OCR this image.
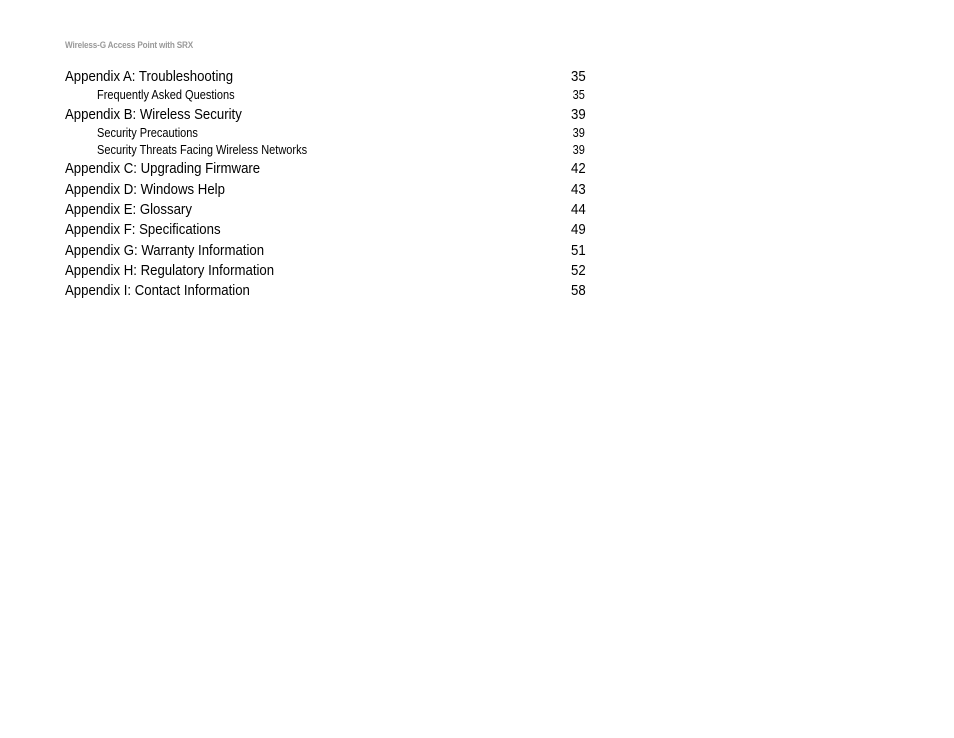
Wireless-G Access Point with SRX
Appendix A: Troubleshooting	35
Frequently Asked Questions	35
Appendix B: Wireless Security	39
Security Precautions	39
Security Threats Facing Wireless Networks	39
Appendix C: Upgrading Firmware	42
Appendix D: Windows Help	43
Appendix E: Glossary	44
Appendix F: Specifications	49
Appendix G: Warranty Information	51
Appendix H: Regulatory Information	52
Appendix I: Contact Information	58
